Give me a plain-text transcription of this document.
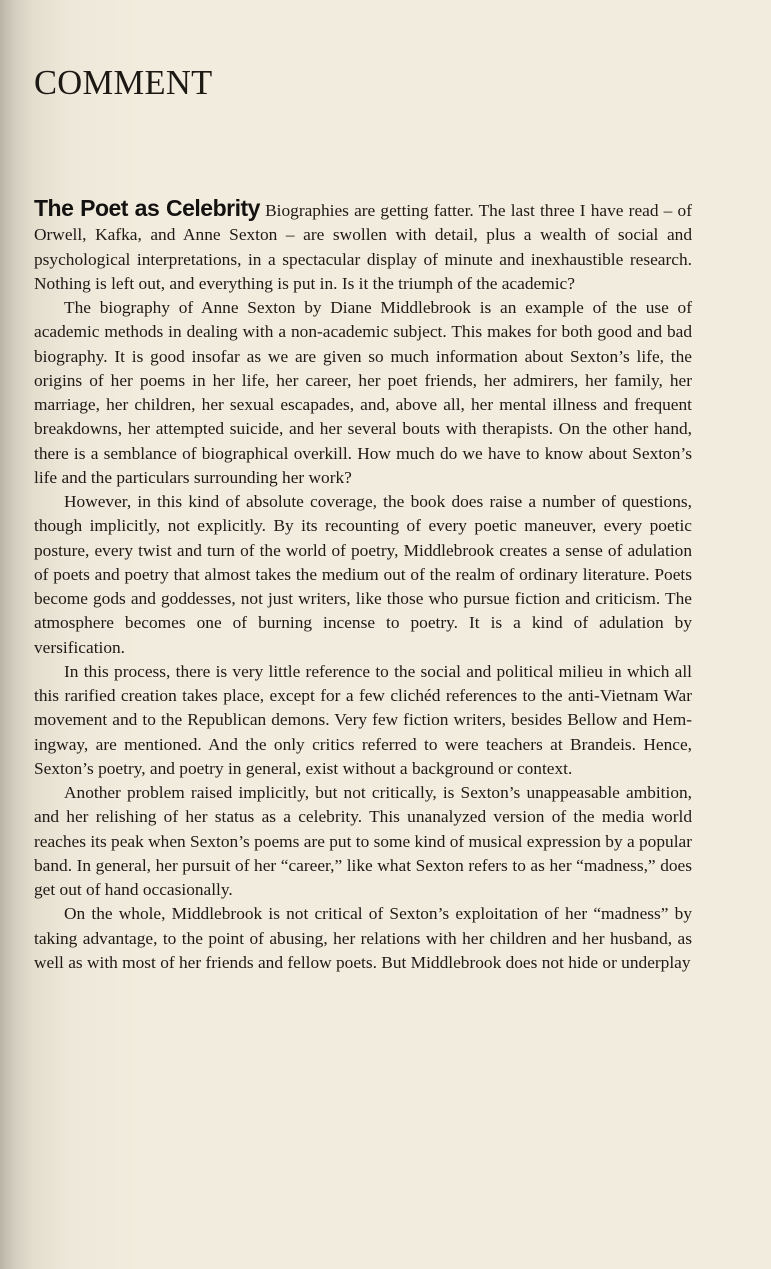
COMMENT

The Poet as Celebrity Biographies are getting fatter. The last three I have read – of Orwell, Kafka, and Anne Sexton – are swollen with detail, plus a wealth of social and psychological interpretations, in a spectacular display of minute and inexhaustible research. Nothing is left out, and everything is put in. Is it the triumph of the academic?

The biography of Anne Sexton by Diane Middlebrook is an example of the use of academic methods in dealing with a non-academic subject. This makes for both good and bad biography. It is good insofar as we are given so much information about Sexton’s life, the origins of her poems in her life, her career, her poet friends, her admirers, her family, her marriage, her children, her sexual escapades, and, above all, her mental illness and frequent breakdowns, her attempted suicide, and her several bouts with therapists. On the other hand, there is a semblance of biographical overkill. How much do we have to know about Sexton’s life and the particulars surrounding her work?

However, in this kind of absolute coverage, the book does raise a number of questions, though implicitly, not explicitly. By its recounting of every poetic maneuver, every poetic posture, every twist and turn of the world of poetry, Middlebrook creates a sense of adulation of poets and poetry that almost takes the medium out of the realm of ordinary literature. Poets become gods and goddesses, not just writers, like those who pursue fiction and criticism. The atmosphere becomes one of burning incense to poetry. It is a kind of adulation by versification.

In this process, there is very little reference to the social and political milieu in which all this rarified creation takes place, except for a few clichéd references to the anti-Vietnam War movement and to the Republican demons. Very few fiction writers, besides Bellow and Hemingway, are mentioned. And the only critics referred to were teachers at Brandeis. Hence, Sexton’s poetry, and poetry in general, exist without a background or context.

Another problem raised implicitly, but not critically, is Sexton’s unappeasable ambition, and her relishing of her status as a celebrity. This unanalyzed version of the media world reaches its peak when Sexton’s poems are put to some kind of musical expression by a popular band. In general, her pursuit of her “career,” like what Sexton refers to as her “madness,” does get out of hand occasionally.

On the whole, Middlebrook is not critical of Sexton’s exploitation of her “madness” by taking advantage, to the point of abusing, her relations with her children and her husband, as well as with most of her friends and fellow poets. But Middlebrook does not hide or underplay
